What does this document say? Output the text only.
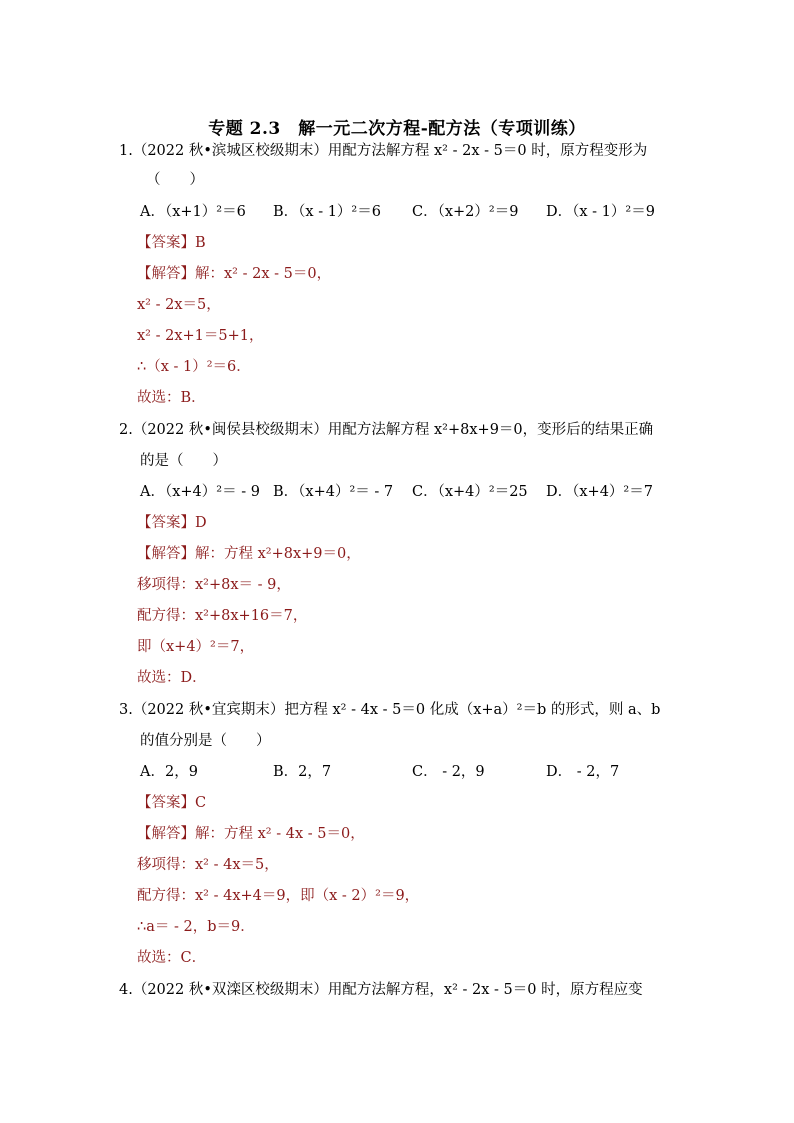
专题 2.3　解一元二次方程-配方法（专项训练）
1.（2022 秋•滨城区校级期末）用配方法解方程 x² - 2x - 5＝0 时，原方程变形为
（　　）
A．（x+1）²＝6 B．（x - 1）²＝6 C．（x+2）²＝9 D．（x - 1）²＝9
【答案】B
【解答】解：x² - 2x - 5＝0，
x² - 2x＝5，
x² - 2x+1＝5+1，
∴（x - 1）²＝6．
故选：B．
2.（2022 秋•闽侯县校级期末）用配方法解方程 x²+8x+9＝0，变形后的结果正确
的是（　　）
A．（x+4）²＝ - 9 B．（x+4）²＝ - 7 C．（x+4）²＝25 D．（x+4）²＝7
【答案】D
【解答】解：方程 x²+8x+9＝0，
移项得：x²+8x＝ - 9，
配方得：x²+8x+16＝7，
即（x+4）²＝7，
故选：D．
3.（2022 秋•宜宾期末）把方程 x² - 4x - 5＝0 化成（x+a）²＝b 的形式，则 a、b
的值分别是（　　）
A．2，9	B．2，7	C． - 2，9	D． - 2，7
【答案】C
【解答】解：方程 x² - 4x - 5＝0，
移项得：x² - 4x＝5，
配方得：x² - 4x+4＝9，即（x - 2）²＝9，
∴a＝ - 2，b＝9．
故选：C．
4.（2022 秋•双滦区校级期末）用配方法解方程，x² - 2x - 5＝0 时，原方程应变
